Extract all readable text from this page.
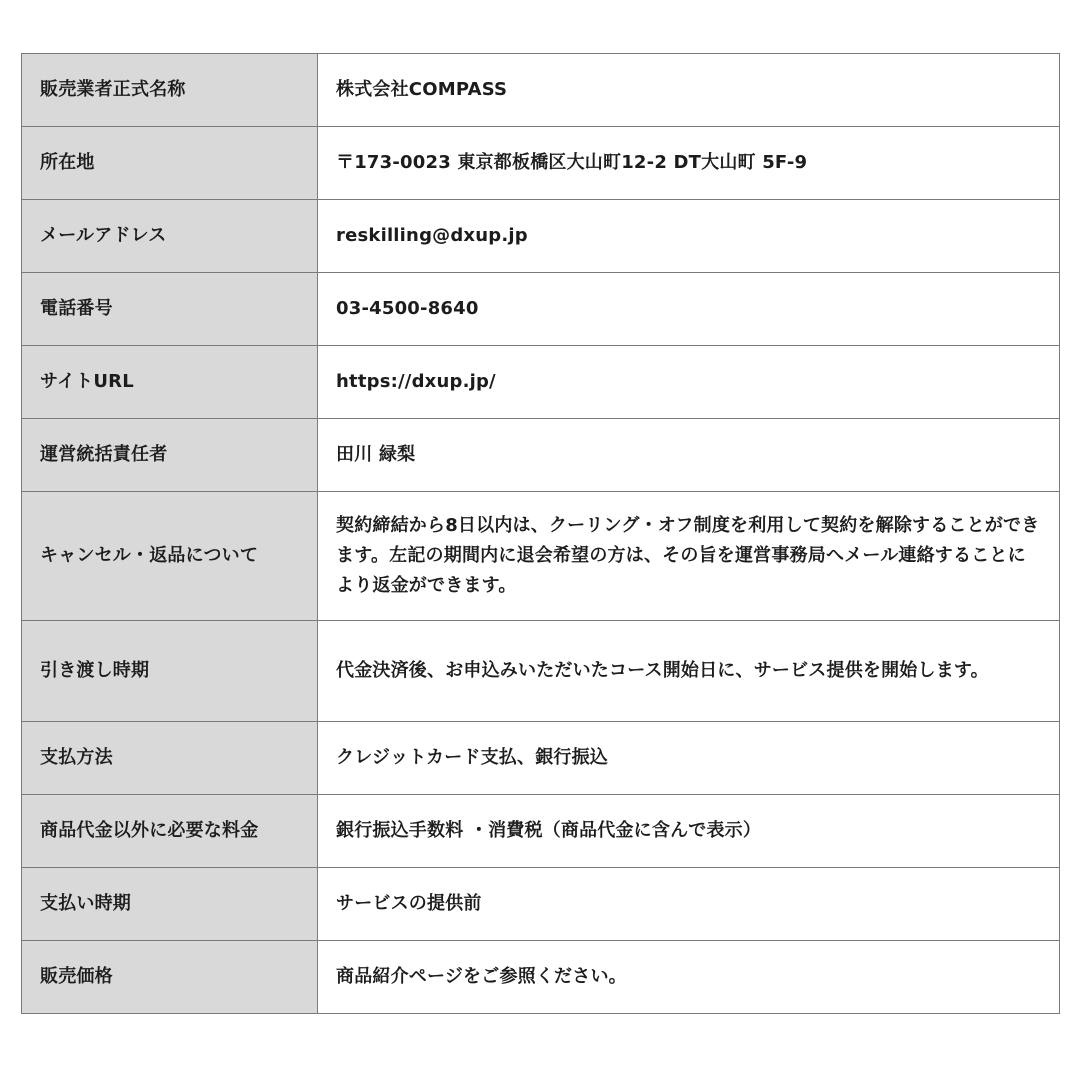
販売業者正式名称	株式会社COMPASS
所在地	〒173-0023 東京都板橋区大山町12-2 DT大山町 5F-9
メールアドレス	reskilling@dxup.jp
電話番号	03-4500-8640
サイトURL	https://dxup.jp/
運営統括責任者	田川 緑梨
キャンセル・返品について	契約締結から8日以内は、クーリング・オフ制度を利用して契約を解除することができます。左記の期間内に退会希望の方は、その旨を運営事務局へメール連絡することにより返金ができます。
引き渡し時期	代金決済後、お申込みいただいたコース開始日に、サービス提供を開始します。
支払方法	クレジットカード支払、銀行振込
商品代金以外に必要な料金	銀行振込手数料 ・消費税（商品代金に含んで表示）
支払い時期	サービスの提供前
販売価格	商品紹介ページをご参照ください。
